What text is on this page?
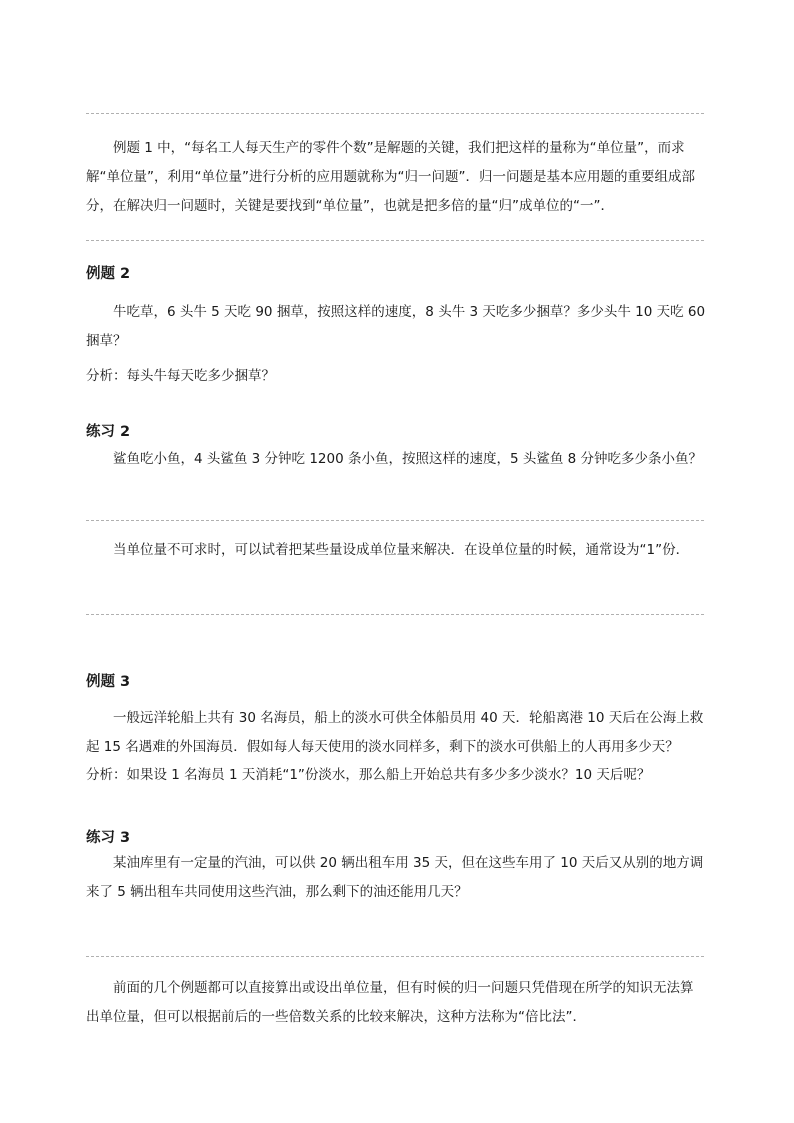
例题 1 中，“每名工人每天生产的零件个数”是解题的关键，我们把这样的量称为“单位量”，而求解“单位量”，利用“单位量”进行分析的应用题就称为“归一问题”．归一问题是基本应用题的重要组成部分，在解决归一问题时，关键是要找到“单位量”，也就是把多倍的量“归”成单位的“一”．

例题 2

牛吃草，6 头牛 5 天吃 90 捆草，按照这样的速度，8 头牛 3 天吃多少捆草？多少头牛 10 天吃 60 捆草？

分析：每头牛每天吃多少捆草？

练习 2

鲨鱼吃小鱼，4 头鲨鱼 3 分钟吃 1200 条小鱼，按照这样的速度，5 头鲨鱼 8 分钟吃多少条小鱼？

当单位量不可求时，可以试着把某些量设成单位量来解决．在设单位量的时候，通常设为“1”份．

例题 3

一般远洋轮船上共有 30 名海员，船上的淡水可供全体船员用 40 天．轮船离港 10 天后在公海上救起 15 名遇难的外国海员．假如每人每天使用的淡水同样多，剩下的淡水可供船上的人再用多少天？

分析：如果设 1 名海员 1 天消耗“1”份淡水，那么船上开始总共有多少多少淡水？10 天后呢？

练习 3

某油库里有一定量的汽油，可以供 20 辆出租车用 35 天，但在这些车用了 10 天后又从别的地方调来了 5 辆出租车共同使用这些汽油，那么剩下的油还能用几天？

前面的几个例题都可以直接算出或设出单位量，但有时候的归一问题只凭借现在所学的知识无法算出单位量，但可以根据前后的一些倍数关系的比较来解决，这种方法称为“倍比法”．
